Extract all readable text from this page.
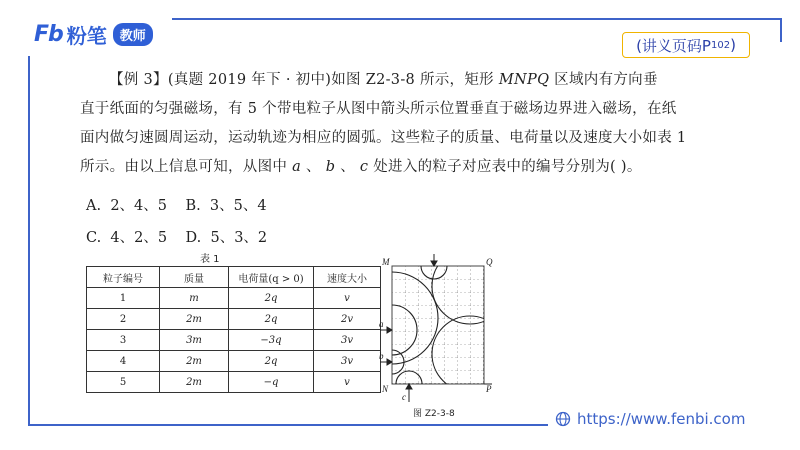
Fb 粉笔	教师	(讲义页码P 102 )

【例 3】(真题 2019 年下 · 初中)如图 Z2-3-8 所示，矩形 MNPQ 区域内有方向垂

直于纸面的匀强磁场，有 5 个带电粒子从图中箭头所示位置垂直于磁场边界进入磁场，在纸

面内做匀速圆周运动，运动轨迹为相应的圆弧。这些粒子的质量、电荷量以及速度大小如表 1

所示。由以上信息可知，从图中 a 、 b 、 c 处进入的粒子对应表中的编号分别为( )。

A. 2、4、5 B. 3、5、4
C. 4、2、5 D. 5、3、2
表 1
粒子编号	质量	电荷量(q > 0)	速度大小
1	m	2q	v
2	2m	2q	2v
3	3m	−3q	3v
4	2m	2q	3v
5	2m	−q	v
M	Q
N	P
a
b
c
图 Z2-3-8	https://www.fenbi.com
